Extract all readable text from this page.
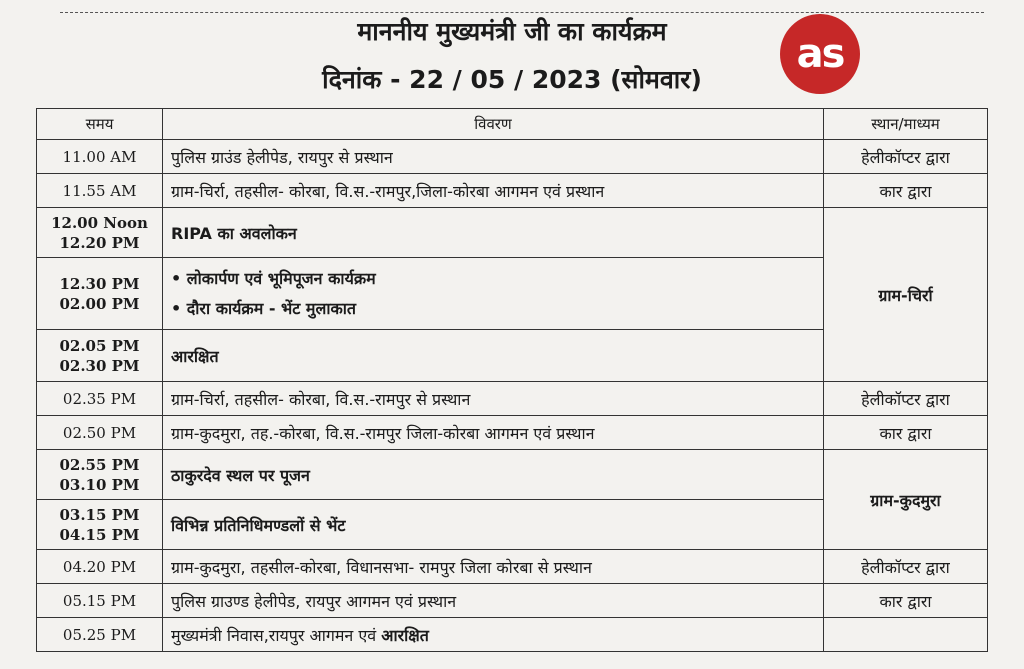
माननीय मुख्यमंत्री जी का कार्यक्रम
दिनांक - 22 / 05 / 2023 (सोमवार)
as
समय	विवरण	स्थान/माध्यम
11.00 AM	पुलिस ग्राउंड हेलीपेड, रायपुर से प्रस्थान	हेलीकॉप्टर द्वारा
11.55 AM	ग्राम-चिर्रा, तहसील- कोरबा, वि.स.-रामपुर,जिला-कोरबा आगमन एवं प्रस्थान	कार द्वारा

12.00 Noon
12.20 PM	RIPA का अवलोकन	ग्राम-चिर्रा

12.30 PM
02.00 PM	• लोकार्पण एवं भूमिपूजन कार्यक्रम
• दौरा कार्यक्रम - भेंट मुलाकात	

02.05 PM
02.30 PM	आरक्षित	
02.35 PM	ग्राम-चिर्रा, तहसील- कोरबा, वि.स.-रामपुर से प्रस्थान	हेलीकॉप्टर द्वारा
02.50 PM	ग्राम-कुदमुरा, तह.-कोरबा, वि.स.-रामपुर जिला-कोरबा आगमन एवं प्रस्थान	कार द्वारा

02.55 PM
03.10 PM	ठाकुरदेव स्थल पर पूजन	ग्राम-कुदमुरा

03.15 PM
04.15 PM	विभिन्न प्रतिनिधिमण्डलों से भेंट	
04.20 PM	ग्राम-कुदमुरा, तहसील-कोरबा, विधानसभा- रामपुर जिला कोरबा से प्रस्थान	हेलीकॉप्टर द्वारा
05.15 PM	पुलिस ग्राउण्ड हेलीपेड, रायपुर आगमन एवं प्रस्थान	कार द्वारा
05.25 PM	मुख्यमंत्री निवास,रायपुर आगमन एवं आरक्षित	
